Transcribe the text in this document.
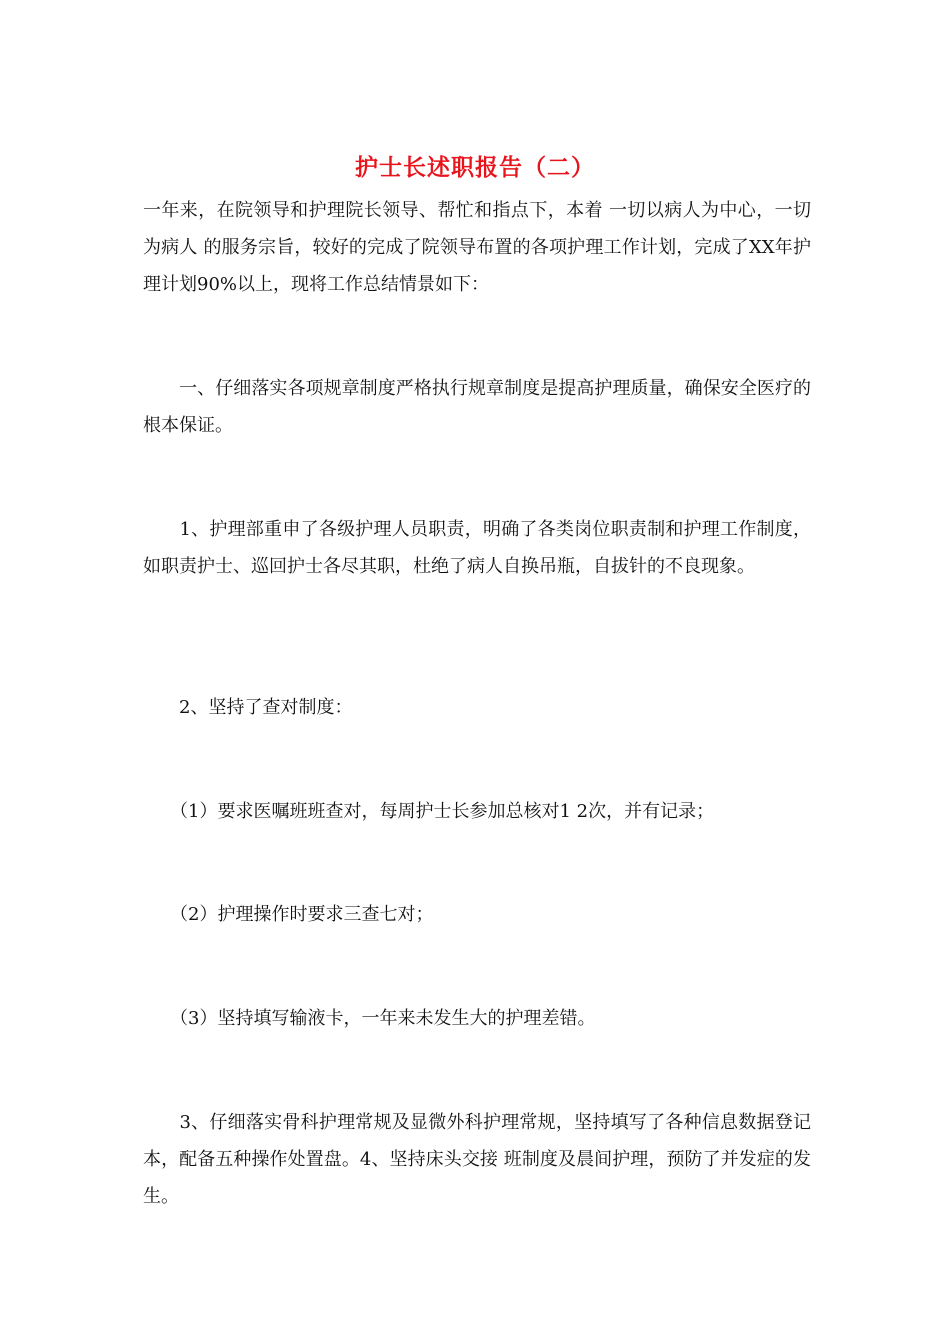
护士长述职报告（二）

一年来，在院领导和护理院长领导、帮忙和指点下，本着 一切以病人为中心，一切为病人 的服务宗旨，较好的完成了院领导布置的各项护理工作计划，完成了XX年护理计划90%以上，现将工作总结情景如下：

　　一、仔细落实各项规章制度严格执行规章制度是提高护理质量，确保安全医疗的根本保证。

　　1、护理部重申了各级护理人员职责，明确了各类岗位职责制和护理工作制度，如职责护士、巡回护士各尽其职，杜绝了病人自换吊瓶，自拔针的不良现象。

　　2、坚持了查对制度：

　　（1）要求医嘱班班查对，每周护士长参加总核对1 2次，并有记录；

　　（2）护理操作时要求三查七对；

　　（3）坚持填写输液卡，一年来未发生大的护理差错。

　　3、仔细落实骨科护理常规及显微外科护理常规，坚持填写了各种信息数据登记本，配备五种操作处置盘。4、坚持床头交接 班制度及晨间护理，预防了并发症的发生。
